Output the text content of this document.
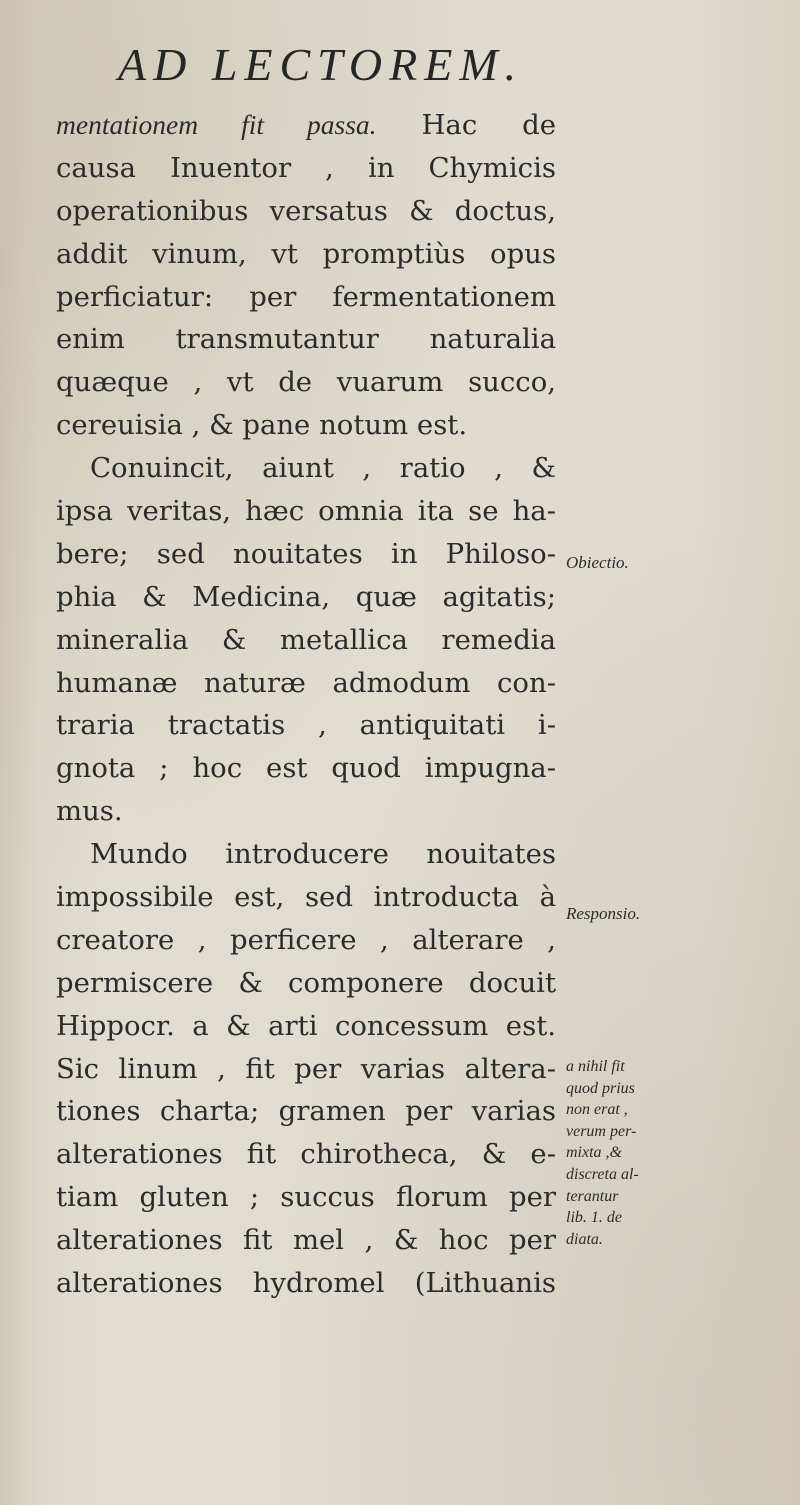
AD LECTOREM.
mentationem fit passa. Hac de
causa Inuentor , in Chymicis
operationibus versatus & doctus,
addit vinum, vt promptiùs opus
perficiatur: per fermentationem
enim transmutantur naturalia
quæque , vt de vuarum succo,
cereuisia , & pane notum est.
Conuincit, aiunt , ratio , &
ipsa veritas, hæc omnia ita se ha-
bere; sed nouitates in Philoso-
phia & Medicina, quæ agitatis;
mineralia & metallica remedia
humanæ naturæ admodum con-
traria tractatis , antiquitati i-
gnota ; hoc est quod impugna-
mus.
Mundo introducere nouitates
impossibile est, sed introducta à
creatore , perficere , alterare ,
permiscere & componere docuit
Hippocr. a & arti concessum est.
Sic linum , fit per varias altera-
tiones charta; gramen per varias
alterationes fit chirotheca, & e-
tiam gluten ; succus florum per
alterationes fit mel , & hoc per
alterationes hydromel (Lithuanis
Obiectio.
Responsio.
a nihil fit
quod prius
non erat ,
verum per-
mixta ,&
discreta al-
terantur
lib. 1. de
diata.
